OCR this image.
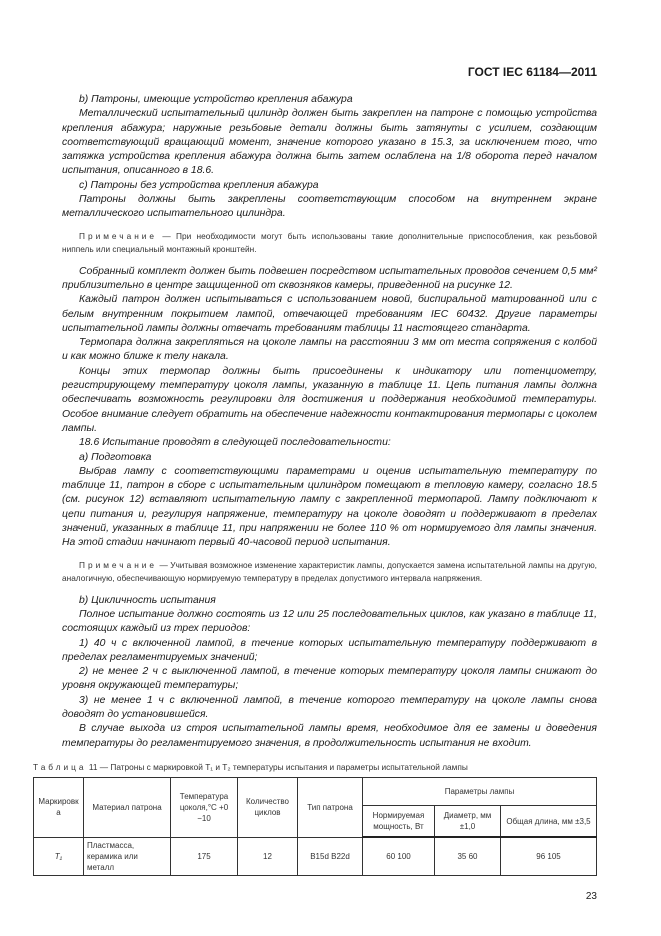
ГОСТ IEC 61184—2011

b) Патроны, имеющие устройство крепления абажура

Металлический испытательный цилиндр должен быть закреплен на патроне с помощью устройства крепления абажура; наружные резьбовые детали должны быть затянуты с усилием, создающим соответствующий вращающий момент, значение которого указано в 15.3, за исключением того, что затяжка устройства крепления абажура должна быть затем ослаблена на 1/8 оборота перед началом испытания, описанного в 18.6.

c) Патроны без устройства крепления абажура

Патроны должны быть закреплены соответствующим способом на внутреннем экране металлического испытательного цилиндра.

Примечание — При необходимости могут быть использованы такие дополнительные приспособления, как резьбовой ниппель или специальный монтажный кронштейн.

Собранный комплект должен быть подвешен посредством испытательных проводов сечением 0,5 мм² приблизительно в центре защищенной от сквозняков камеры, приведенной на рисунке 12.

Каждый патрон должен испытываться с использованием новой, биспиральной матированной или с белым внутренним покрытием лампой, отвечающей требованиям IEC 60432. Другие параметры испытательной лампы должны отвечать требованиям таблицы 11 настоящего стандарта.

Термопара должна закрепляться на цоколе лампы на расстоянии 3 мм от места сопряжения с колбой и как можно ближе к телу накала.

Концы этих термопар должны быть присоединены к индикатору или потенциометру, регистрирующему температуру цоколя лампы, указанную в таблице 11. Цепь питания лампы должна обеспечивать возможность регулировки для достижения и поддержания необходимой температуры. Особое внимание следует обратить на обеспечение надежности контактирования термопары с цоколем лампы.

18.6 Испытание проводят в следующей последовательности:

a) Подготовка

Выбрав лампу с соответствующими параметрами и оценив испытательную температуру по таблице 11, патрон в сборе с испытательным цилиндром помещают в тепловую камеру, согласно 18.5 (см. рисунок 12) вставляют испытательную лампу с закрепленной термопарой. Лампу подключают к цепи питания и, регулируя напряжение, температуру на цоколе доводят и поддерживают в пределах значений, указанных в таблице 11, при напряжении не более 110 % от нормируемого для лампы значения. На этой стадии начинают первый 40-часовой период испытания.

Примечание — Учитывая возможное изменение характеристик лампы, допускается замена испытательной лампы на другую, аналогичную, обеспечивающую нормируемую температуру в пределах допустимого интервала напряжения.

b) Цикличность испытания

Полное испытание должно состоять из 12 или 25 последовательных циклов, как указано в таблице 11, состоящих каждый из трех периодов:

1) 40 ч с включенной лампой, в течение которых испытательную температуру поддерживают в пределах регламентируемых значений;

2) не менее 2 ч с выключенной лампой, в течение которых температуру цоколя лампы снижают до уровня окружающей температуры;

3) не менее 1 ч с включенной лампой, в течение которого температуру на цоколе лампы снова доводят до установившейся.

В случае выхода из строя испытательной лампы время, необходимое для ее замены и доведения температуры до регламентируемого значения, в продолжительность испытания не входит.

Таблица 11 — Патроны с маркировкой T₁ и T₂ температуры испытания и параметры испытательной лампы
Маркировка	Материал патрона	Температура цоколя,°С +0 −10	Количество циклов	Тип патрона	Параметры лампы		
					Нормируемая мощность, Вт	Диаметр, мм ±1,0	Общая длина, мм ±3,5
T₁	Пластмасса, керамика или металл	175	12	B15d B22d	60 100	35 60	96 105
23
